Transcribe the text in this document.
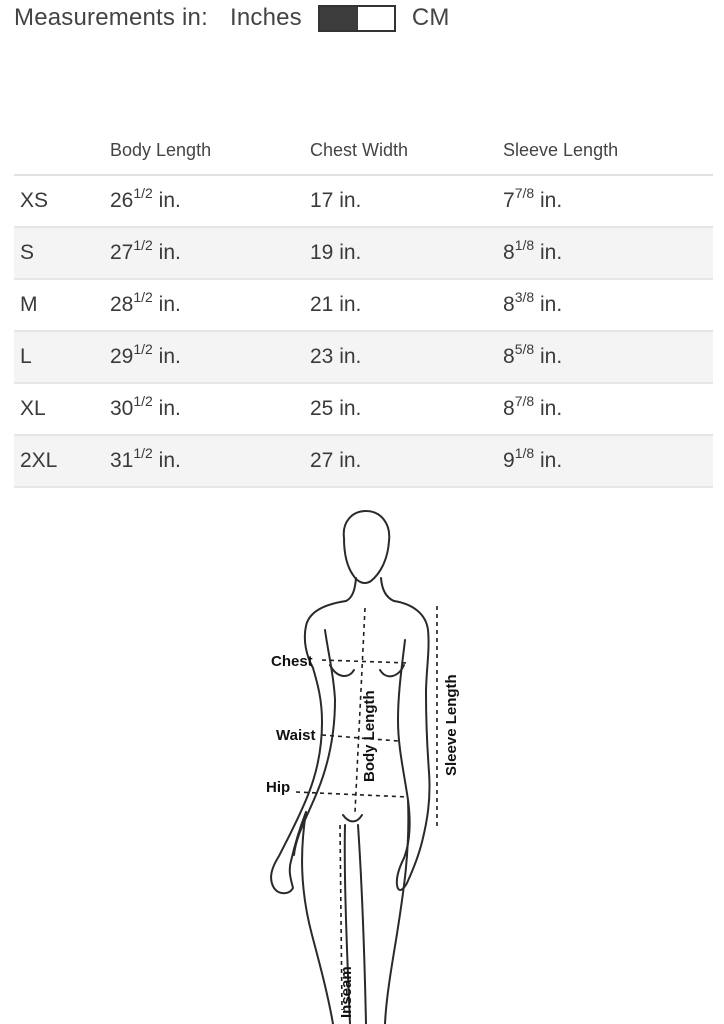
Measurements in: Inches	CM
	Body Length	Chest Width	Sleeve Length
XS	$26^{1/2}$ in.	17 in.	$7^{7/8}$ in.
S	$27^{1/2}$ in.	19 in.	$8^{1/8}$ in.
M	$28^{1/2}$ in.	21 in.	$8^{3/8}$ in.
L	$29^{1/2}$ in.	23 in.	$8^{5/8}$ in.
XL	$30^{1/2}$ in.	25 in.	$8^{7/8}$ in.
2XL	$31^{1/2}$ in.	27 in.	$9^{1/8}$ in.
Chest
Waist
Hip
Body Length	Sleeve Length
Inseam
